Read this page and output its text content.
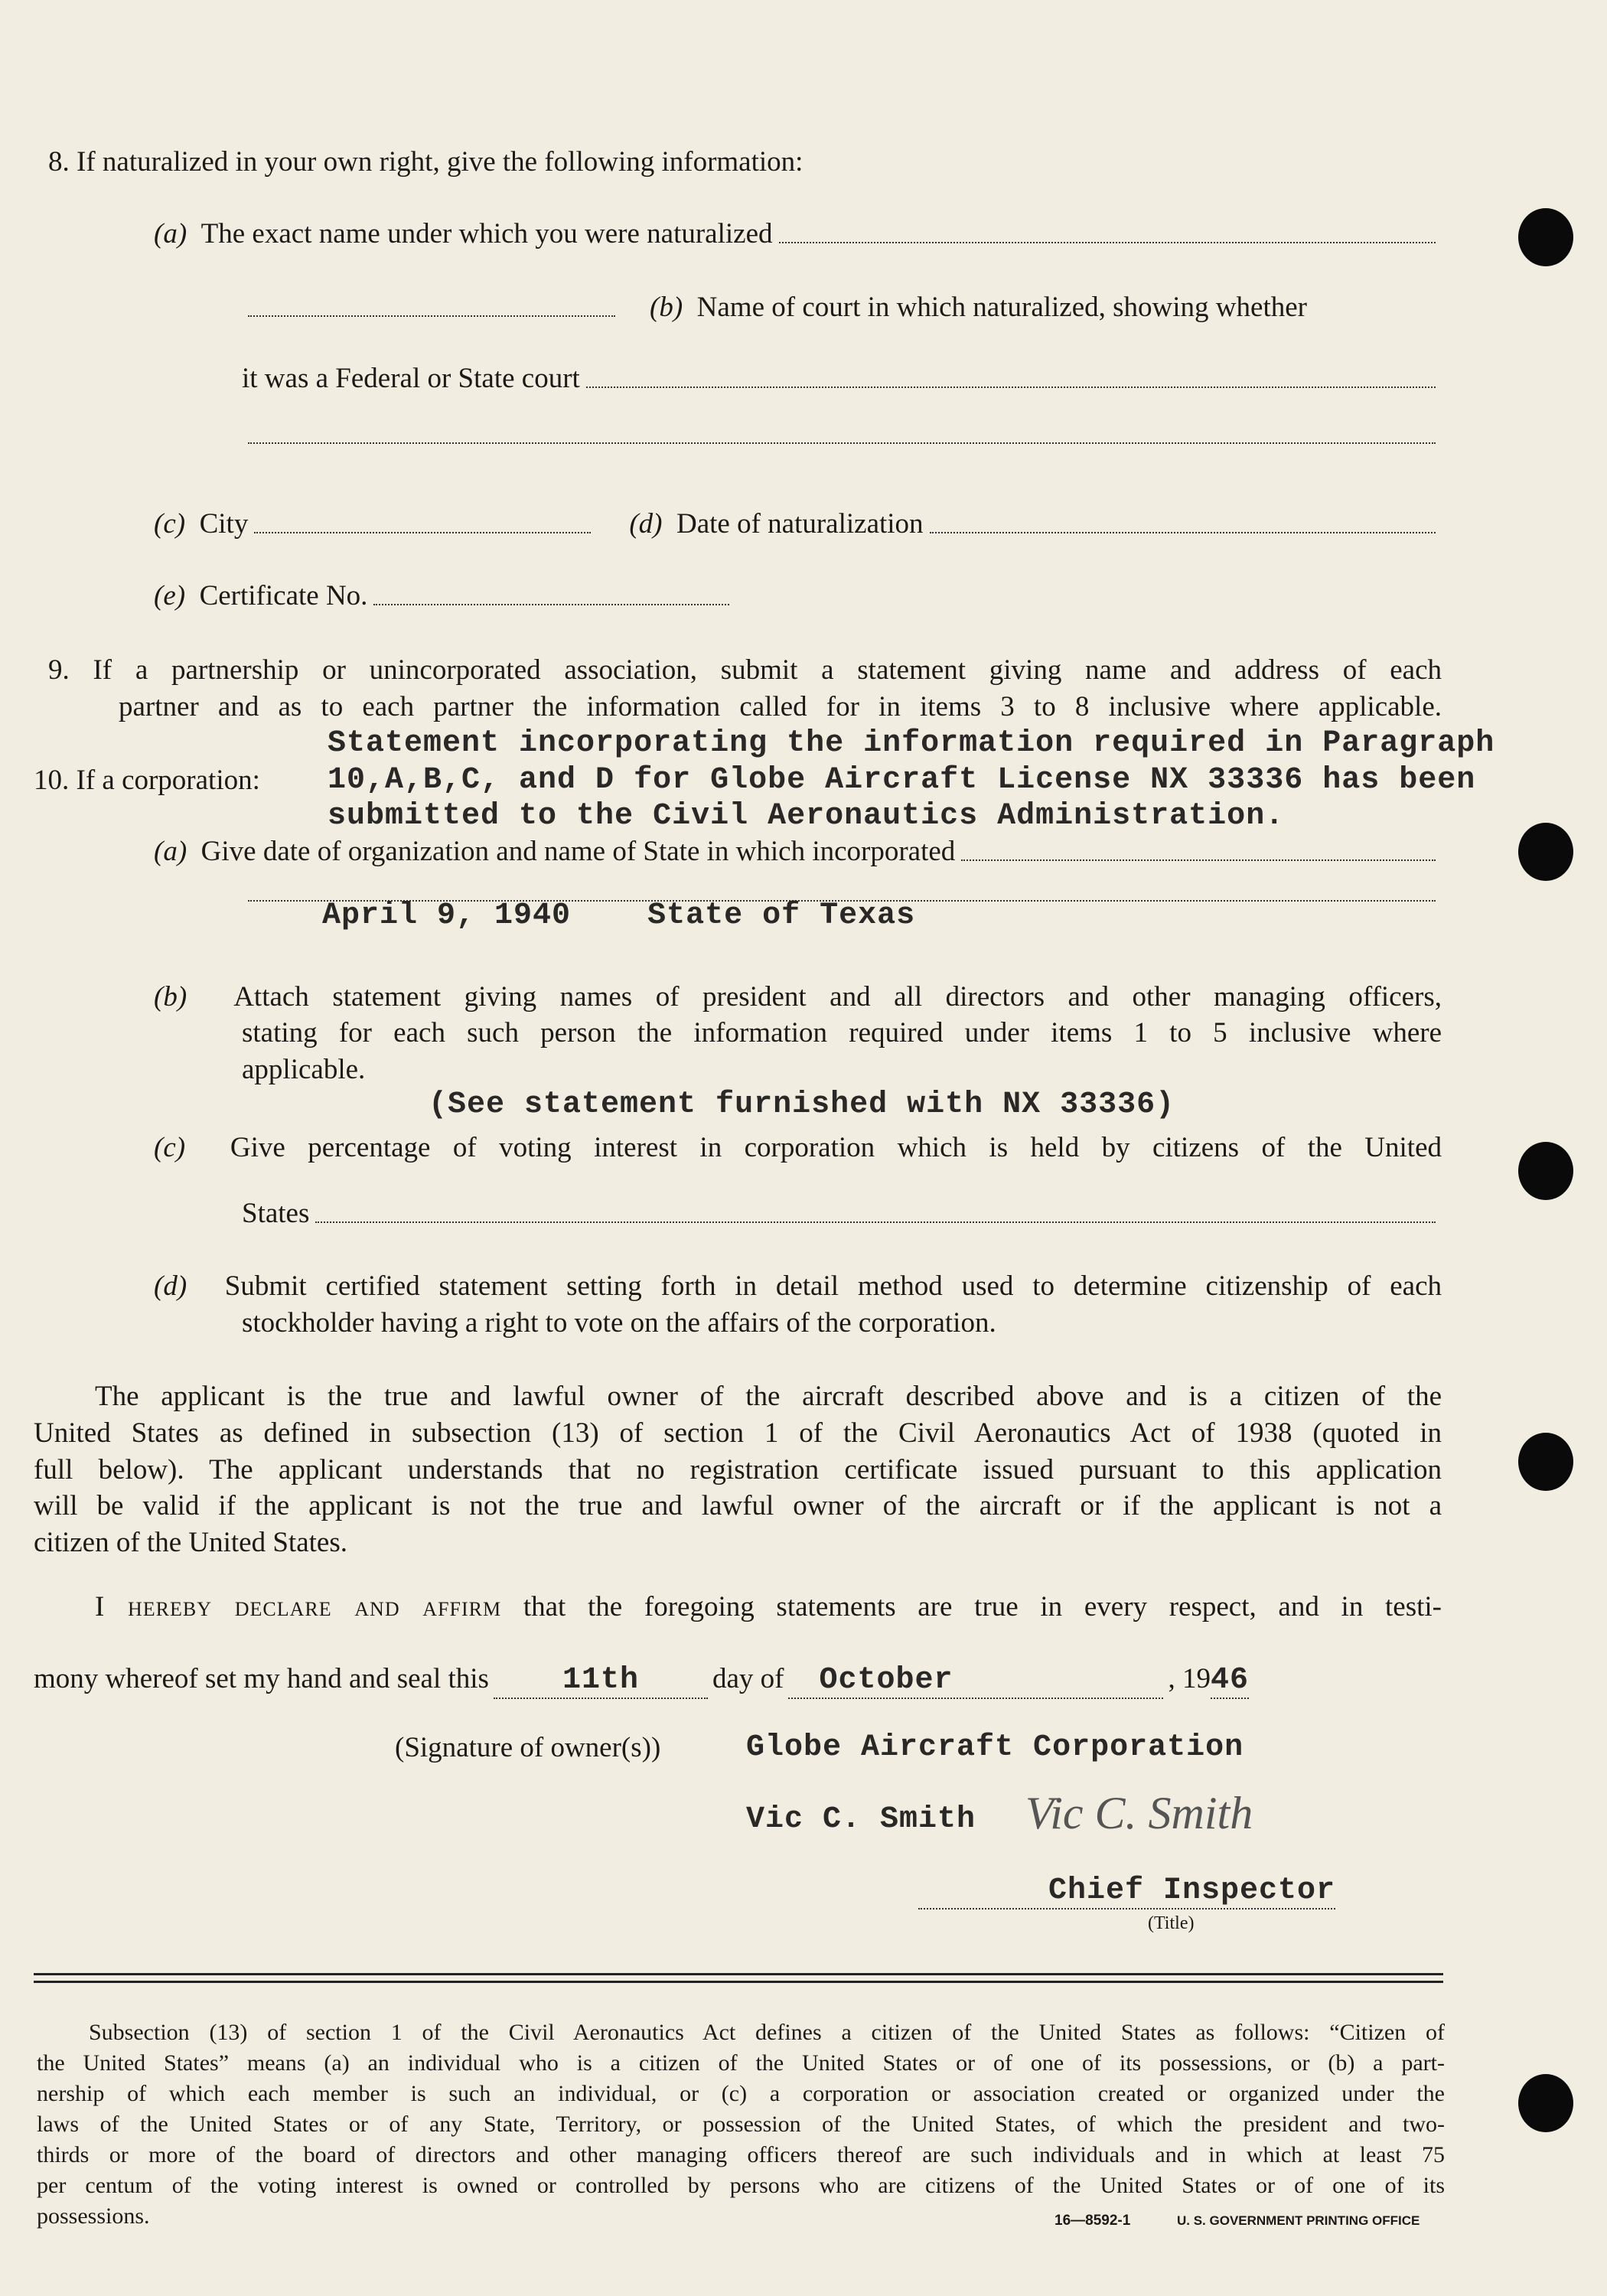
8. If naturalized in your own right, give the following information:
(a)
The exact name under which you were naturalized
(b)
Name of court in which naturalized, showing whether
it was a Federal or State court
(c)
City	(d)
Date of naturalization
(e)
Certificate No.
9. If a partnership or unincorporated association, submit a statement giving name and address of each
partner and as to each partner the information called for in items 3 to 8 inclusive where applicable.
Statement incorporating the information required in Paragraph
10. If a corporation: 10,A,B,C, and D for Globe Aircraft License NX 33336 has been
submitted to the Civil Aeronautics Administration.
(a)
Give date of organization and name of State in which incorporated
April 9, 1940    State of Texas
(b) Attach statement giving names of president and all directors and other managing officers,
stating for each such person the information required under items 1 to 5 inclusive where
applicable.
(See statement furnished with NX 33336)
(c) Give percentage of voting interest in corporation which is held by citizens of the United
States
(d) Submit certified statement setting forth in detail method used to determine citizenship of each
stockholder having a right to vote on the affairs of the corporation.
The applicant is the true and lawful owner of the aircraft described above and is a citizen of the
United States as defined in subsection (13) of section 1 of the Civil Aeronautics Act of 1938 (quoted in
full below). The applicant understands that no registration certificate issued pursuant to this application
will be valid if the applicant is not the true and lawful owner of the aircraft or if the applicant is not a
citizen of the United States.
I hereby declare and affirm that the foregoing statements are true in every respect, and in testi-
mony whereof set my hand and seal this	11th	day of	October	, 19 46
(Signature of owner(s))	Globe Aircraft Corporation
Vic C. Smith Vic C. Smith
Chief Inspector
(Title)
Subsection (13) of section 1 of the Civil Aeronautics Act defines a citizen of the United States as follows: “Citizen of
the United States” means (a) an individual who is a citizen of the United States or of one of its possessions, or (b) a part-
nership of which each member is such an individual, or (c) a corporation or association created or organized under the
laws of the United States or of any State, Territory, or possession of the United States, of which the president and two-
thirds or more of the board of directors and other managing officers thereof are such individuals and in which at least 75
per centum of the voting interest is owned or controlled by persons who are citizens of the United States or of one of its
possessions.	16—8592-1	U. S. GOVERNMENT PRINTING OFFICE
